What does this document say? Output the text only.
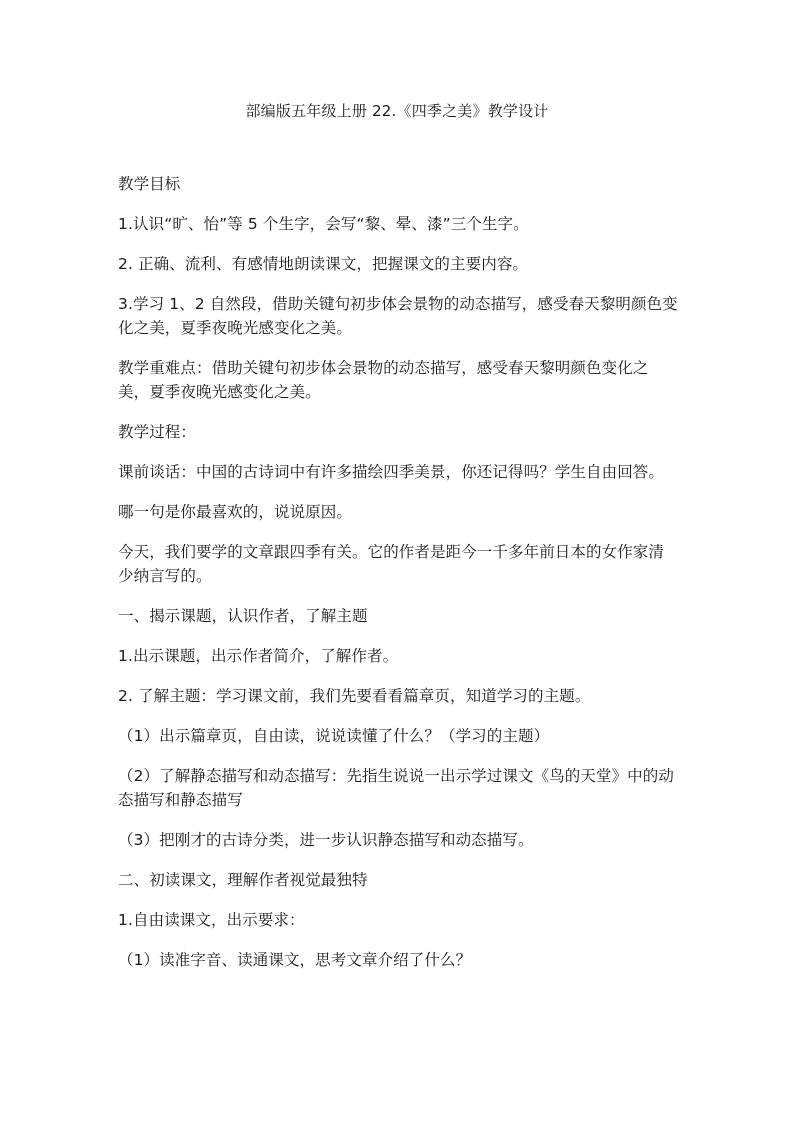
部编版五年级上册 22.《四季之美》教学设计

教学目标

1.认识“旷、怡”等 5 个生字，会写“黎、晕、漆”三个生字。

2. 正确、流利、有感情地朗读课文，把握课文的主要内容。

3.学习 1、2 自然段，借助关键句初步体会景物的动态描写，感受春天黎明颜色变化之美，夏季夜晚光感变化之美。

教学重难点：借助关键句初步体会景物的动态描写，感受春天黎明颜色变化之美，夏季夜晚光感变化之美。

教学过程：

课前谈话：中国的古诗词中有许多描绘四季美景，你还记得吗？学生自由回答。

哪一句是你最喜欢的，说说原因。

今天，我们要学的文章跟四季有关。它的作者是距今一千多年前日本的女作家清少纳言写的。

一、揭示课题，认识作者，了解主题

1.出示课题，出示作者简介，了解作者。

2. 了解主题：学习课文前，我们先要看看篇章页，知道学习的主题。

（1）出示篇章页，自由读，说说读懂了什么？（学习的主题）

（2）了解静态描写和动态描写：先指生说说一出示学过课文《鸟的天堂》中的动态描写和静态描写

（3）把刚才的古诗分类，进一步认识静态描写和动态描写。

二、初读课文，理解作者视觉最独特

1.自由读课文，出示要求：

（1）读准字音、读通课文，思考文章介绍了什么？
